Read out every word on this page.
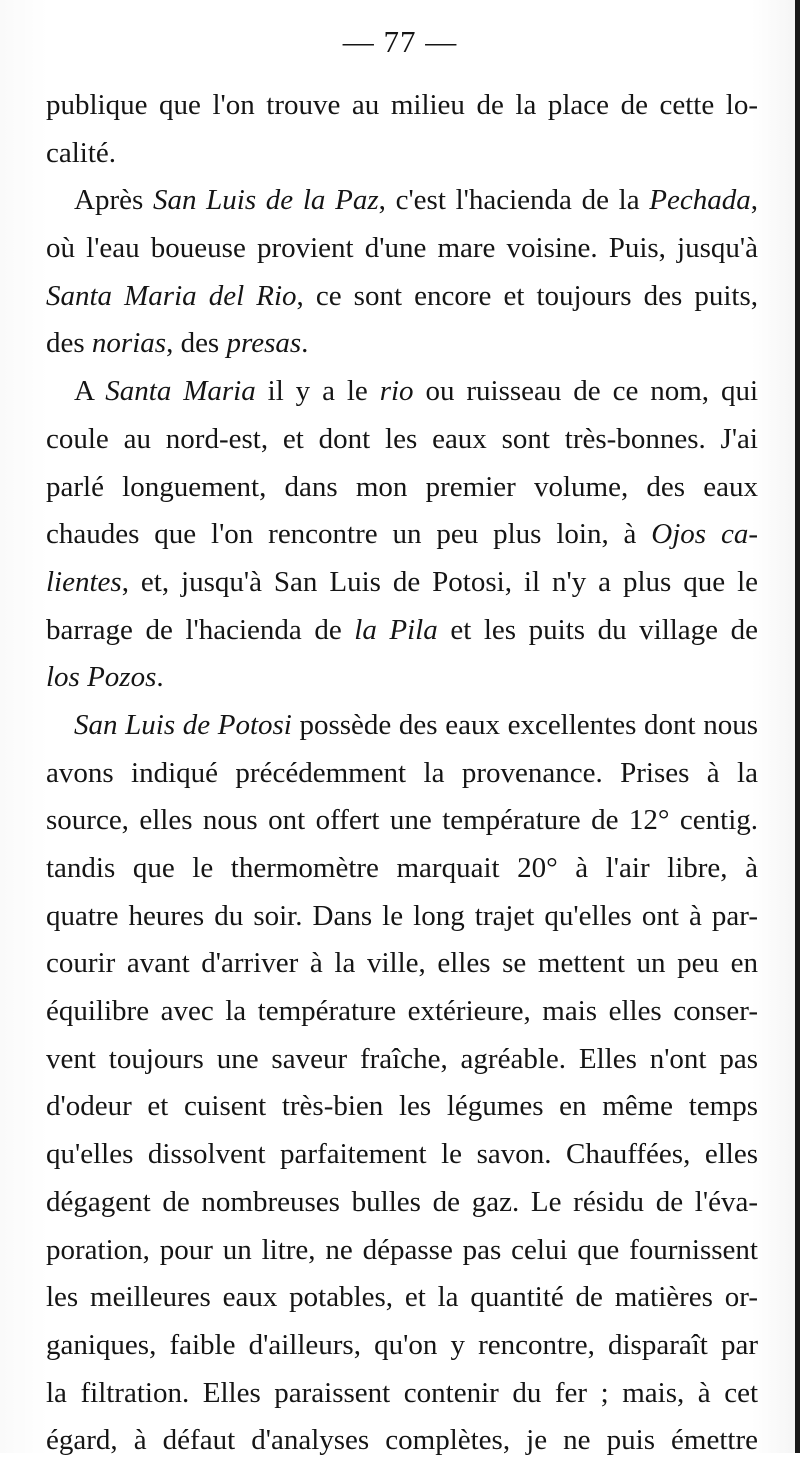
— 77 —
publique que l'on trouve au milieu de la place de cette lo-
calité.
Après San Luis de la Paz, c'est l'hacienda de la Pechada,
où l'eau boueuse provient d'une mare voisine. Puis, jusqu'à
Santa Maria del Rio, ce sont encore et toujours des puits,
des norias, des presas.
A Santa Maria il y a le rio ou ruisseau de ce nom, qui
coule au nord-est, et dont les eaux sont très-bonnes. J'ai
parlé longuement, dans mon premier volume, des eaux
chaudes que l'on rencontre un peu plus loin, à Ojos ca-
lientes, et, jusqu'à San Luis de Potosi, il n'y a plus que le
barrage de l'hacienda de la Pila et les puits du village de
los Pozos.
San Luis de Potosi possède des eaux excellentes dont nous
avons indiqué précédemment la provenance. Prises à la
source, elles nous ont offert une température de 12° centig.
tandis que le thermomètre marquait 20° à l'air libre, à
quatre heures du soir. Dans le long trajet qu'elles ont à par-
courir avant d'arriver à la ville, elles se mettent un peu en
équilibre avec la température extérieure, mais elles conser-
vent toujours une saveur fraîche, agréable. Elles n'ont pas
d'odeur et cuisent très-bien les légumes en même temps
qu'elles dissolvent parfaitement le savon. Chauffées, elles
dégagent de nombreuses bulles de gaz. Le résidu de l'éva-
poration, pour un litre, ne dépasse pas celui que fournissent
les meilleures eaux potables, et la quantité de matières or-
ganiques, faible d'ailleurs, qu'on y rencontre, disparaît par
la filtration. Elles paraissent contenir du fer ; mais, à cet
égard, à défaut d'analyses complètes, je ne puis émettre
